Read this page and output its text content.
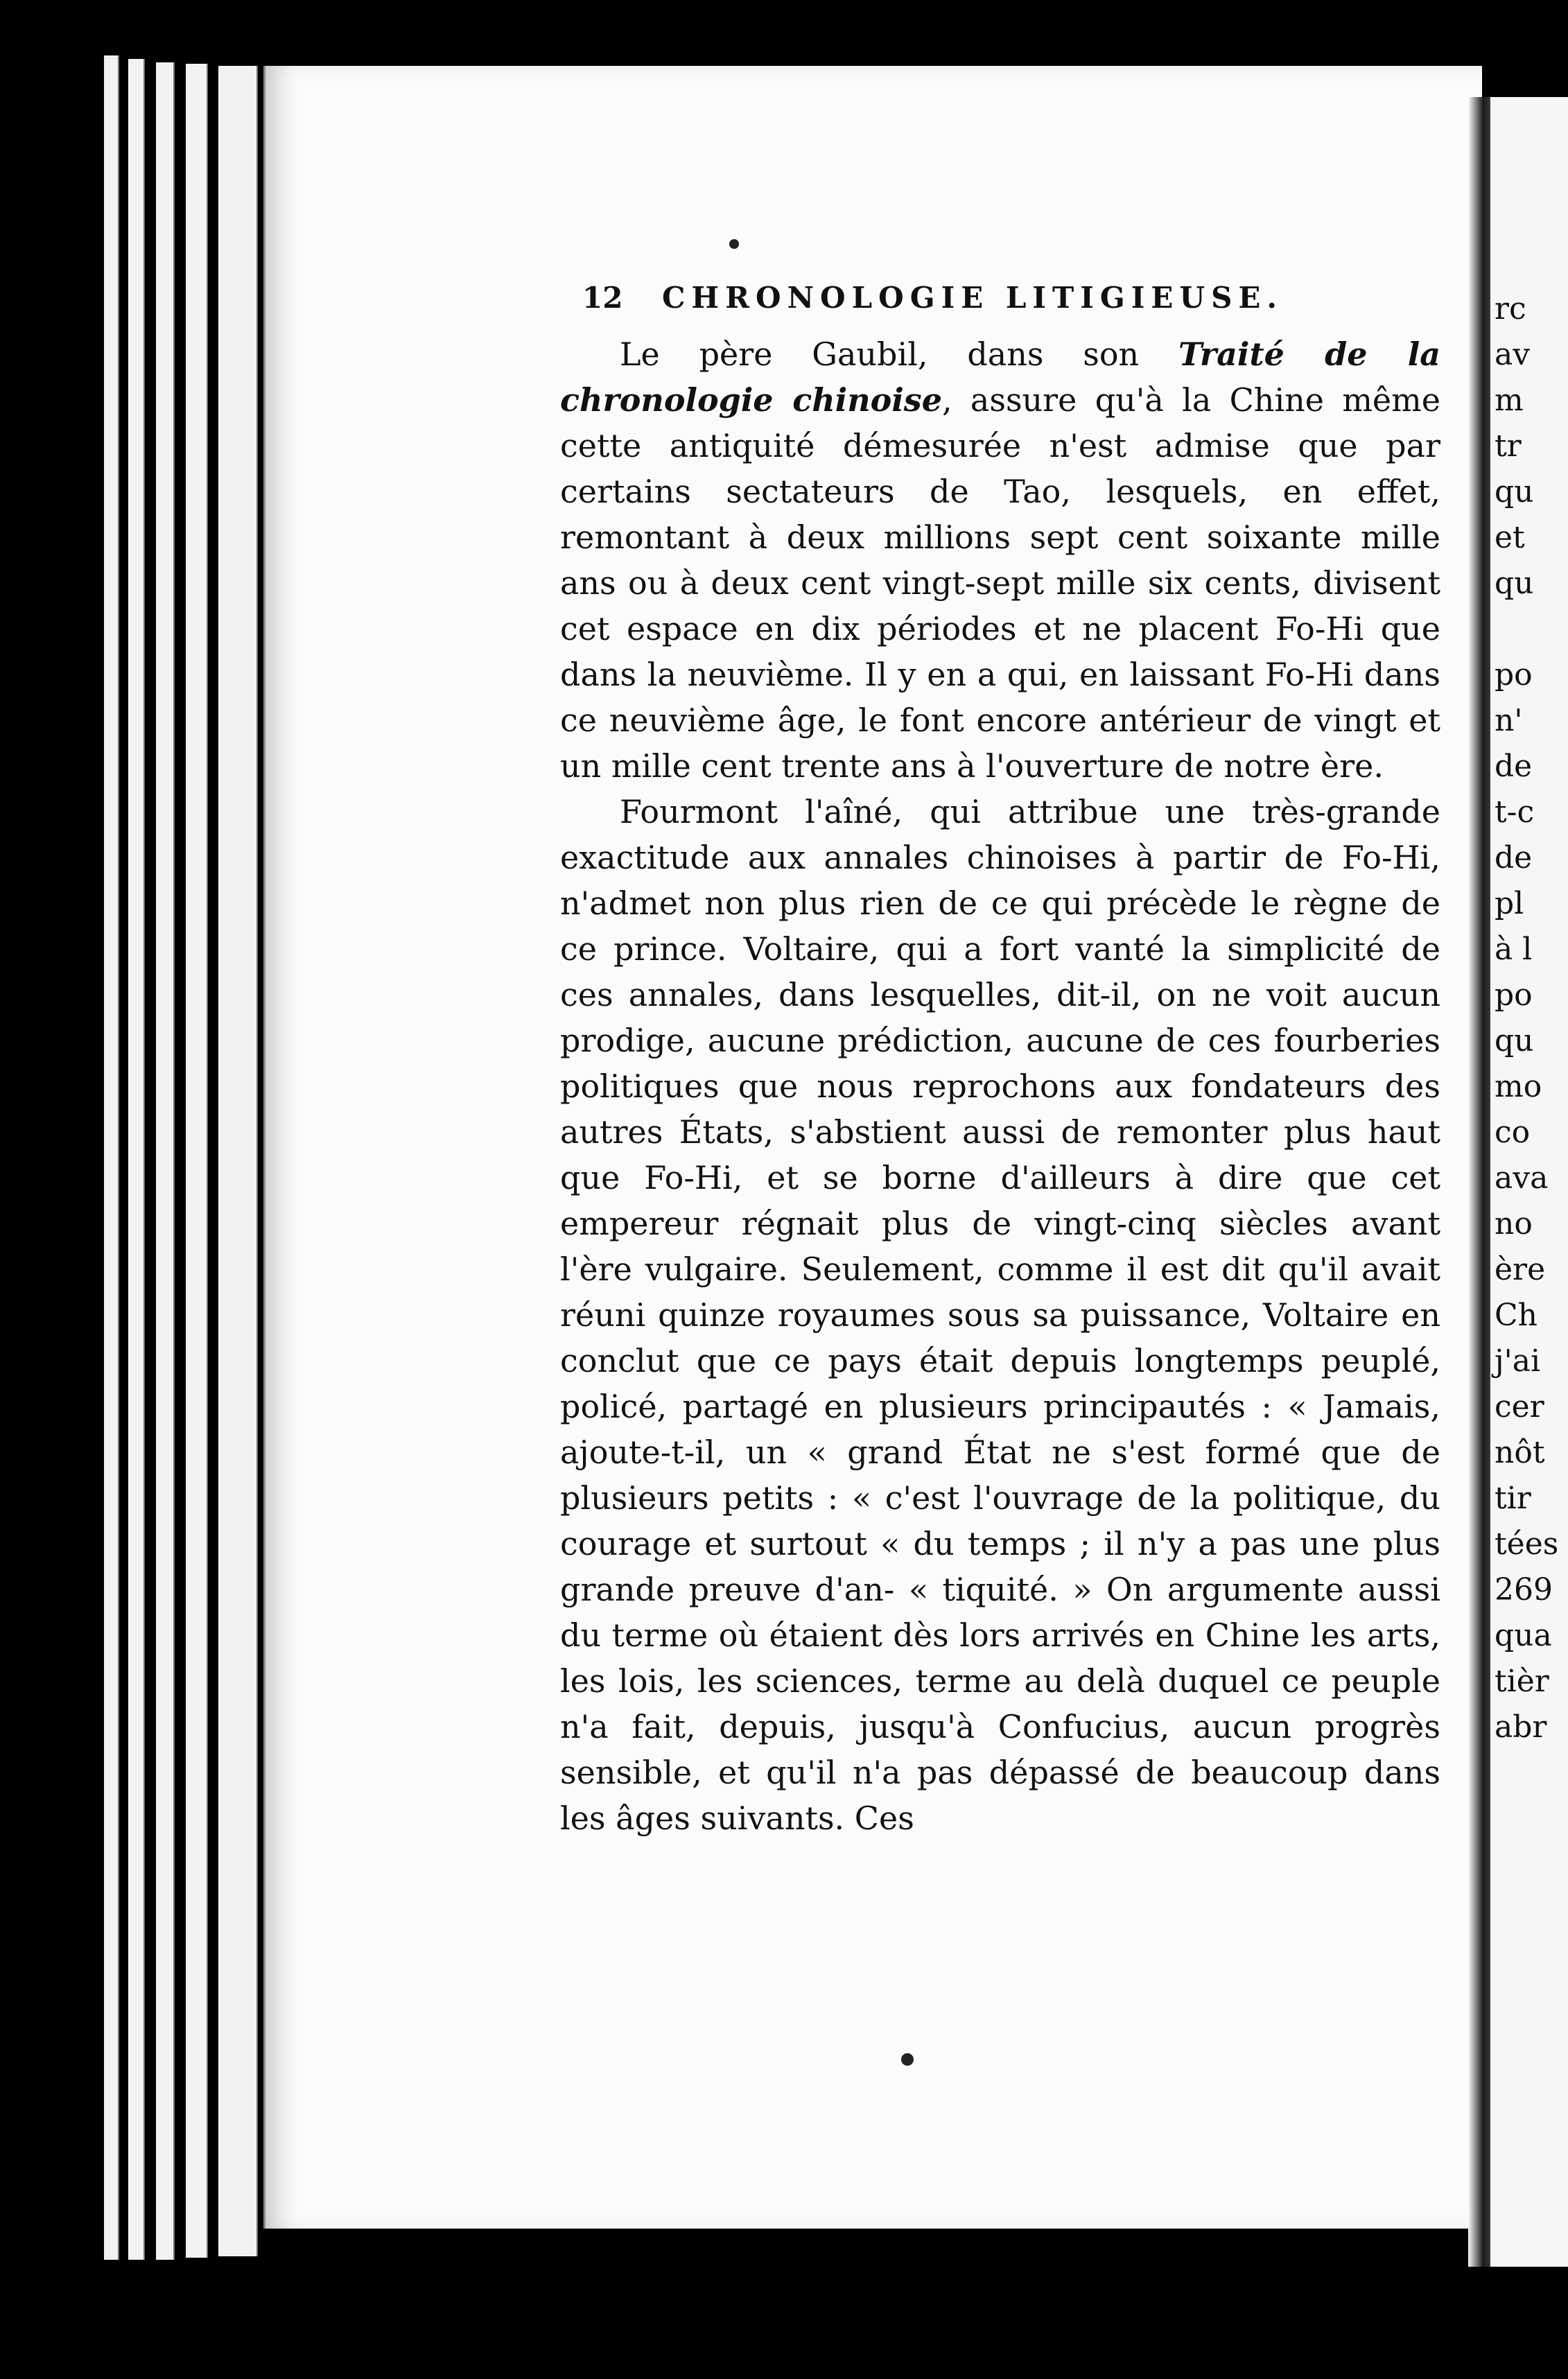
rc
av
m
tr
qu
et
qu
po
n'
de
t-c
de
pl
à l
po
qu
mo
co
ava
no
ère
Ch
j'ai
cer
nôt
tir
tées
269
qua
tièr
abr
12 CHRONOLOGIE LITIGIEUSE.

Le père Gaubil, dans son Traité de la chronologie chinoise, assure qu'à la Chine même cette antiquité démesurée n'est admise que par certains sectateurs de Tao, lesquels, en effet, remontant à deux millions sept cent soixante mille ans ou à deux cent vingt-sept mille six cents, divisent cet espace en dix périodes et ne placent Fo-Hi que dans la neuvième. Il y en a qui, en laissant Fo-Hi dans ce neuvième âge, le font encore antérieur de vingt et un mille cent trente ans à l'ouverture de notre ère.

Fourmont l'aîné, qui attribue une très-grande exactitude aux annales chinoises à partir de Fo-Hi, n'admet non plus rien de ce qui précède le règne de ce prince. Voltaire, qui a fort vanté la simplicité de ces annales, dans lesquelles, dit-il, on ne voit aucun prodige, aucune prédiction, aucune de ces fourberies politiques que nous reprochons aux fondateurs des autres États, s'abstient aussi de remonter plus haut que Fo-Hi, et se borne d'ailleurs à dire que cet empereur régnait plus de vingt-cinq siècles avant l'ère vulgaire. Seulement, comme il est dit qu'il avait réuni quinze royaumes sous sa puissance, Voltaire en conclut que ce pays était depuis longtemps peuplé, policé, partagé en plusieurs principautés : « Jamais, ajoute-t-il, un « grand État ne s'est formé que de plusieurs petits : « c'est l'ouvrage de la politique, du courage et surtout « du temps ; il n'y a pas une plus grande preuve d'an- « tiquité. » On argumente aussi du terme où étaient dès lors arrivés en Chine les arts, les lois, les sciences, terme au delà duquel ce peuple n'a fait, depuis, jusqu'à Confucius, aucun progrès sensible, et qu'il n'a pas dépassé de beaucoup dans les âges suivants. Ces
